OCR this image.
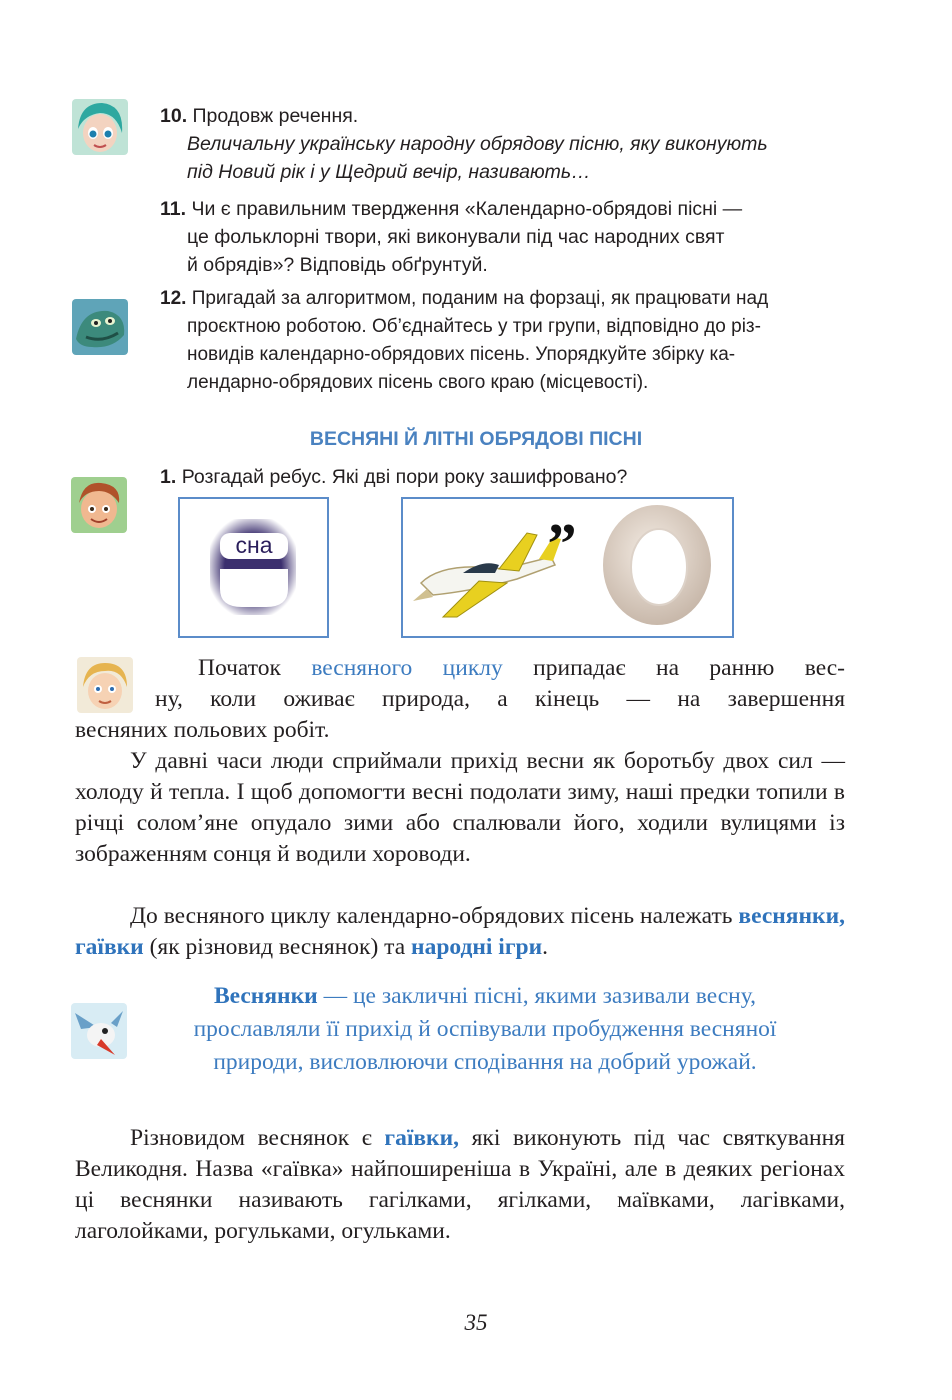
10. Продовж речення.
Величальну українську народну обрядову пісню, яку виконують
під Новий рік і у Щедрий вечір, називають…
11. Чи є правильним твердження «Календарно-обрядові пісні —
це фольклорні твори, які виконували під час народних свят
й обрядів»? Відповідь обґрунтуй.
12. Пригадай за алгоритмом, поданим на форзаці, як працювати над
проєктною роботою. Об’єднайтесь у три групи, відповідно до різ-
новидів календарно-обрядових пісень. Упорядкуйте збірку ка-
лендарно-обрядових пісень свого краю (місцевості).
ВЕСНЯНІ Й ЛІТНІ ОБРЯДОВІ ПІСНІ
1. Розгадай ребус. Які дві пори року зашифровано?
сна	„
Початок весняного циклу припадає на ранню вес-
ну, коли оживає природа, а кінець — на завершення
весняних польових робіт.
У давні часи люди сприймали прихід весни як боротьбу двох сил — холоду й тепла. І щоб допомогти весні подолати зиму, наші предки топили в річці солом’яне опудало зими або спалювали його, ходили вулицями із зображенням сонця й водили хороводи.
До весняного циклу календарно-обрядових пісень належать веснянки, гаївки (як різновид веснянок) та народні ігри.
Веснянки — це закличні пісні, якими зазивали весну, прославляли її прихід й оспівували пробудження весняної природи, висловлюючи сподівання на добрий урожай.
Різновидом веснянок є гаївки, які виконують під час святкування Великодня. Назва «гаївка» найпоширеніша в Україні, але в деяких регіонах ці веснянки називають гагілками, ягілками, маївками, лагівками, лаголойками, рогульками, огульками.
35
